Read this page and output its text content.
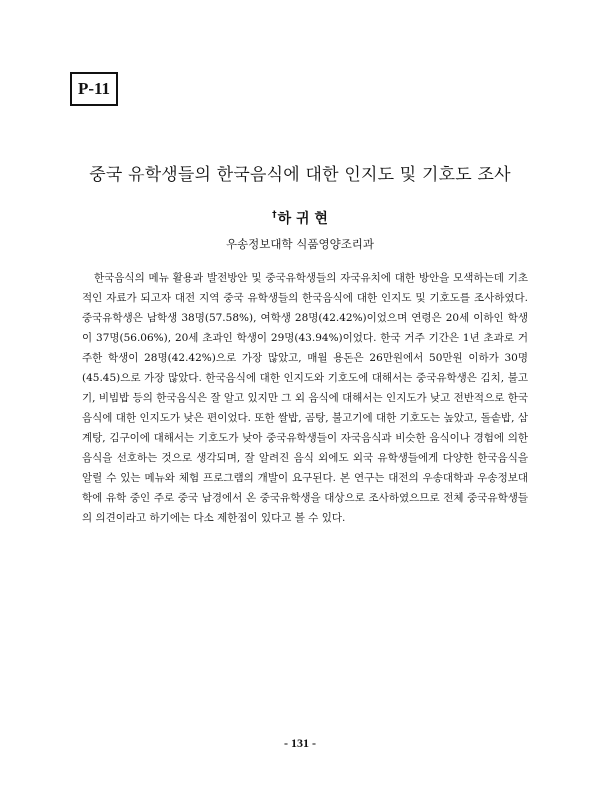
P-11
중국 유학생들의 한국음식에 대한 인지도 및 기호도 조사
†하 귀 현
우송정보대학 식품영양조리과

한국음식의 메뉴 활용과 발전방안 및 중국유학생들의 자국유치에 대한 방안을 모색하는데 기초적인 자료가 되고자 대전 지역 중국 유학생들의 한국음식에 대한 인지도 및 기호도를 조사하였다. 중국유학생은 남학생 38명(57.58%), 여학생 28명(42.42%)이었으며 연령은 20세 이하인 학생이 37명(56.06%), 20세 초과인 학생이 29명(43.94%)이었다. 한국 거주 기간은 1년 초과로 거주한 학생이 28명(42.42%)으로 가장 많았고, 매월 용돈은 26만원에서 50만원 이하가 30명(45.45)으로 가장 많았다. 한국음식에 대한 인지도와 기호도에 대해서는 중국유학생은 김치, 불고기, 비빔밥 등의 한국음식은 잘 알고 있지만 그 외 음식에 대해서는 인지도가 낮고 전반적으로 한국음식에 대한 인지도가 낮은 편이었다. 또한 쌀밥, 곰탕, 불고기에 대한 기호도는 높았고, 돌솥밥, 삼계탕, 김구이에 대해서는 기호도가 낮아 중국유학생들이 자국음식과 비슷한 음식이나 경험에 의한 음식을 선호하는 것으로 생각되며, 잘 알려진 음식 외에도 외국 유학생들에게 다양한 한국음식을 알릴 수 있는 메뉴와 체험 프로그램의 개발이 요구된다. 본 연구는 대전의 우송대학과 우송정보대학에 유학 중인 주로 중국 남경에서 온 중국유학생을 대상으로 조사하였으므로 전체 중국유학생들의 의견이라고 하기에는 다소 제한점이 있다고 볼 수 있다.

- 131 -
